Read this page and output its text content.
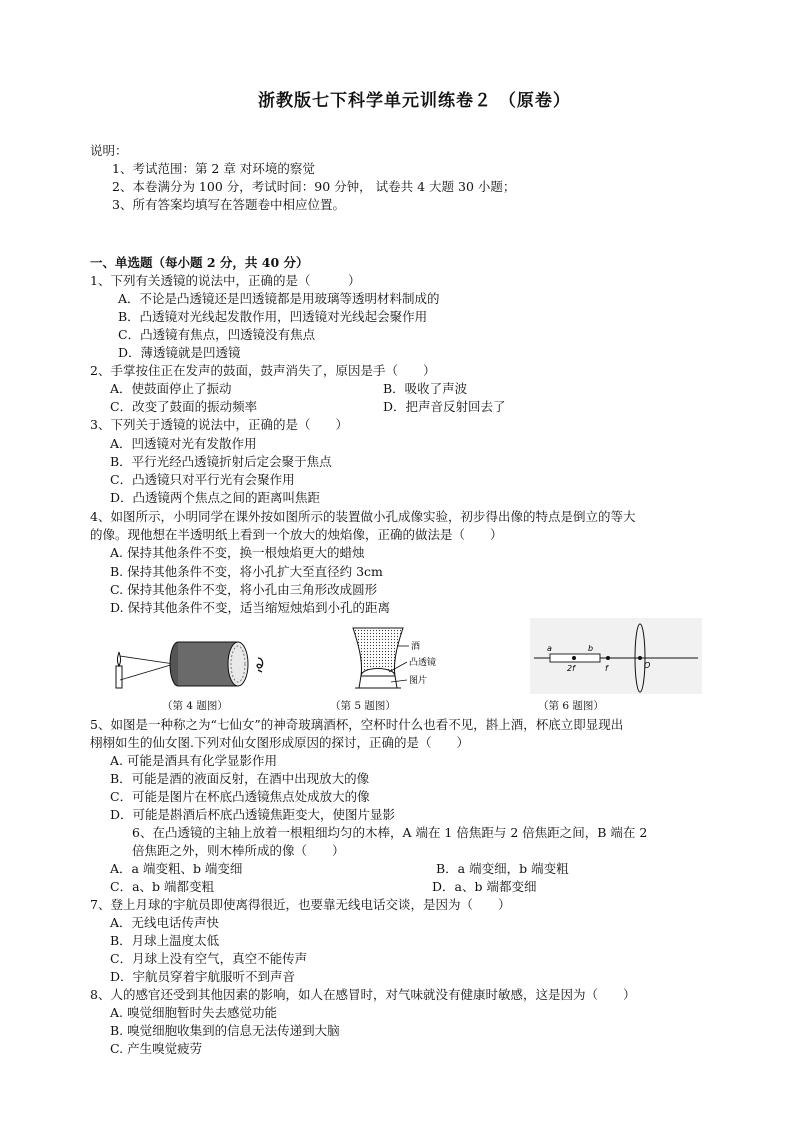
浙教版七下科学单元训练卷２ （原卷）
说明：
1、考试范围：第 2 章 对环境的察觉
2、本卷满分为 100 分，考试时间：90 分钟， 试卷共 4 大题 30 小题；
3、所有答案均填写在答题卷中相应位置。
一、单选题（每小题 2 分，共 40 分）
1、下列有关透镜的说法中，正确的是（　　　）
A．不论是凸透镜还是凹透镜都是用玻璃等透明材料制成的
B．凸透镜对光线起发散作用，凹透镜对光线起会聚作用
C．凸透镜有焦点，凹透镜没有焦点
D．薄透镜就是凹透镜
2、手掌按住正在发声的鼓面，鼓声消失了，原因是手（　　）
A．使鼓面停止了振动	B．吸收了声波
C．改变了鼓面的振动频率	D．把声音反射回去了
3、下列关于透镜的说法中，正确的是（　　）
A．凹透镜对光有发散作用
B．平行光经凸透镜折射后定会聚于焦点
C．凸透镜只对平行光有会聚作用
D．凸透镜两个焦点之间的距离叫焦距
4、如图所示，小明同学在课外按如图所示的装置做小孔成像实验，初步得出像的特点是倒立的等大
的像。现他想在半透明纸上看到一个放大的烛焰像，正确的做法是（　　）
A. 保持其他条件不变，换一根烛焰更大的蜡烛
B. 保持其他条件不变，将小孔扩大至直径约 3cm
C. 保持其他条件不变，将小孔由三角形改成圆形
D. 保持其他条件不变，适当缩短烛焰到小孔的距离
（第 4 题图）
酒
凸透镜
图片
（第 5 题图）
a	b
2f	f	O
（第 6 题图）
5、如图是一种称之为“七仙女”的神奇玻璃酒杯，空杯时什么也看不见，斟上酒，杯底立即显现出
栩栩如生的仙女图.下列对仙女图形成原因的探讨，正确的是（　　）
A. 可能是酒具有化学显影作用
B．可能是酒的液面反射，在酒中出现放大的像
C．可能是图片在杯底凸透镜焦点处成放大的像
D．可能是斟酒后杯底凸透镜焦距变大，使图片显影
6、在凸透镜的主轴上放着一根粗细均匀的木棒，A 端在 1 倍焦距与 2 倍焦距之间，B 端在 2
倍焦距之外，则木棒所成的像（　　）
A．a 端变粗、b 端变细	B．a 端变细，b 端变粗
C．a、b 端都变粗	D．a、b 端都变细
7、登上月球的宇航员即使离得很近，也要靠无线电话交谈，是因为（　　）
A．无线电话传声快
B．月球上温度太低
C．月球上没有空气，真空不能传声
D．宇航员穿着宇航服听不到声音
8、人的感官还受到其他因素的影响，如人在感冒时，对气味就没有健康时敏感，这是因为（　　）
A. 嗅觉细胞暂时失去感觉功能
B. 嗅觉细胞收集到的信息无法传递到大脑
C. 产生嗅觉疲劳
